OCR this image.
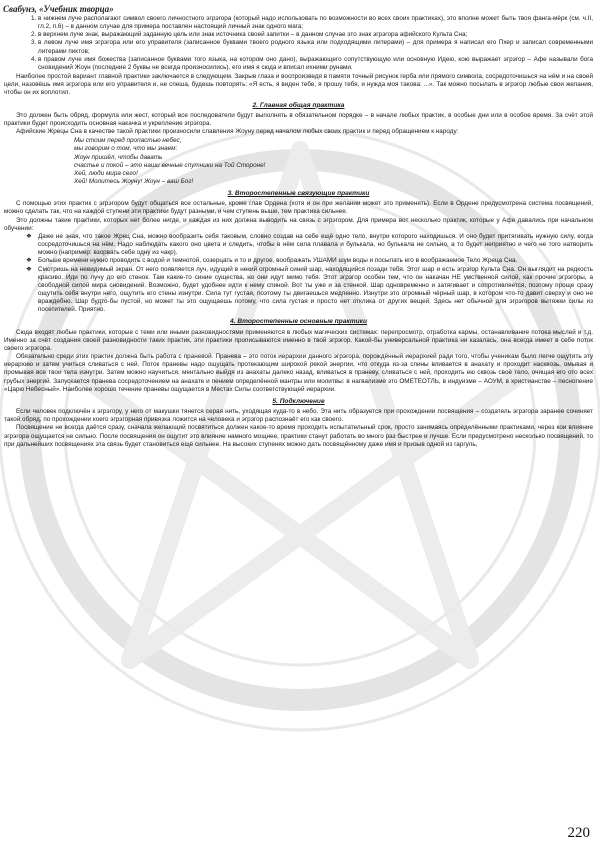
Свабунэ, «Учебник творца»
1. в нижнем луче располагают символ своего личностного эгрэгора (который надо использовать по возможности во всех своих практиках), это вполне может быть твоя фанга-мёрк (см. ч.II, гл.2, п.6) – в данном случае для примера поставлен настоящий личный знак одного мага;
2. в верхнем луче знак, выражающий заданную цель или знак источника своей запитки – в данном случае это знак эгрэгора афийского Культа Сна;
3. в левом луче имя эгрэгора или его управителя (записанное буквами твоего родного языка или подходящими литерами) – для примера я написал его Пхер и записал современными литерами пиктов;
4. в правом луче имя божества (записанное буквами того языка, на котором оно дано), выражающего сопутствующую или основную Идею, кою выражает эгрэгор – Афе называли бога сновидений Жоун (последние 2 буквы не всегда произносились), его имя я сюда и вписал ихними рунами.

Наиболее простой вариант главной практики заключается в следующем. Закрыв глаза и воспроизведя в памяти точный рисунок герба или прямого символа, сосредоточишься на нём и на своей цели, назовёшь имя эгрэгора или его управителя и, не спеша, будешь повторять: «Я есть, я виден тебе, я прошу тебя, и нужда моя такова: ...». Так можно посылать в эгрэгор любые свои желания, чтобы он их воплотил.

2. Главная общая практика

Это должен быть обряд, формула или жест, который все последователи будут выполнять в обязательном порядке – в начале любых практик, в особые дни или в особое время. За счёт этой практики будет происходить основная накачка и укрепление эгрэгора.

Афийские Жрецы Сна в качестве такой практики произносили славления Жоуну перед началом любых своих практик и перед обращением к народу:

Мы стоим перед пропастью небес,
мы говорим о том, что мы знаем:
Жоун пришёл, чтобы давать
счастье и покой – это наши вечные спутники на Той Стороне!
Хей, люди мира сего!
Хей! Молитесь Жоуну! Жоун – ваш Бог!
3. Второстепенные связующие практики

С помощью этих практик с эгрэгором будут общаться все остальные, кроме глав Ордена (хотя и он при желании может это применять). Если в Ордене предусмотрена система посвящений, можно сделать так, что на каждой ступени эти практики будут разными, и чем ступень выше, тем практика сильнее.

Это должны такие практики, которых нет более нигде, и каждая из них должна выводить на связь с эгрэгором. Для примера вот несколько практик, которые у Афе давались при начальном обучении:

❖ Даже не зная, что такое Жрец Сна, можно вообразить себя таковым, словно создав на себе ещё одно тело, внутри которого находишься. И оно будет притягивать нужную силу, когда сосредоточишься на нём. Надо наблюдать какого оно цвета и следить, чтобы в нём сила плавала и булькала, но булькала не сильно, а то будет неприятно и чего не того натворить можно (например: взорвать себе одну из чакр).
❖ Больше времени нужно проводить с водой и темнотой, созерцать и то и другое, воображать УШАМИ шум воды и посылать его в воображаемое Тело Жреца Сна.
❖ Смотришь на невидимый экран. От него появляется луч, идущий в некий огромный синий шар, находящийся позади тебя. Этот шар и есть эгрэгор Культа Сна. Он выглядит на редкость красиво. Иди по лучу до его стенок. Там какие-то синие существа, но они идут мимо тебя. Этот эгрэгор особен тем, что он накачан НЕ умственной силой, как прочие эгрэгоры, а свободной силой мира сновидений. Возможно, будет удобнее идти к нему спиной. Вот ты уже и за стенкой. Шар одновременно и затягивает и сопротивляется, поэтому проще сразу ощутить себя внутри него, ощутить его стены изнутри. Сила тут густая, поэтому ты двигаешься медленно. Изнутри это огромный чёрный шар, в котором что-то давит сверху и оно не враждебно. Шар будто-бы пустой, но может ты это ощущаешь потому, что сила густая и просто нет отклика от других вещей. Здесь нет обычной для эгрэгоров вытяжки силы из посетителей. Приятно.
4. Второстепенные основные практики

Сюда входят любые практики, которые с теми или иными разновидностями применяются в любых магических системах: перепросмотр, отработка кармы, останавливание потока мыслей и т.д. Именно за счёт создания своей разновидности таких практик, эти практики прописываются именно в твой эгрэгор. Какой-бы универсальной практика ни казалась, она всегда имеет в себе поток своего эгрэгора.

Обязательно среди этих практик должна быть работа с праневой. Праневa – это поток иерархии данного эгрэгора, порождённый иерархией ради того, чтобы ученикам было легче ощутить эту иерархию и затем учиться сливаться с ней. Поток праневы надо ощущать протекающим широкой рекой энергии, что откуда из-за спины вливается в анахату и проходит насквозь, омывая и промывая все твои тела изнутри. Затем можно научиться, ментально выйдя из анахаты далеко назад, вливаться в праневу, сливаться с ней, проходить ею сквозь своё тело, очищая его ото всех грубых энергий. Запускается пранева сосредоточением на анахате и пением определённой мантры или молитвы: в нагвализме это ОМЕТЕОТЛЬ, в индуизме – АОУМ, в христианстве – песнопение «Царю Небесный». Наиболее хорошо течение праневы ощущается в Местах Силы соответствующей иерархии.

5. Подключение

Если человек подключён к эгрэгору, у него от макушки тянется серая нить, уходящая куда-то в небо. Эта нить образуется при прохождении посвящения – создатель эгрэгора заранее сочиняет такой обряд, по прохождении коего эгрэгорная привязка ложится на человека и эгрэгор распознаёт его как своего.

Посвящение не всегда даётся сразу, сначала желающий посвятиться должен какое-то время проходить испытательный срок, просто занимаясь определёнными практиками, через кои влияние эгрэгора ощущается не сильно. После посвящения он ощутит это влияние намного мощнее, практики станут работать во много раз быстрее и лучше. Если предусмотрено несколько посвящений, то при дальнейших посвящениях эта связь будет становиться ещё сильнее. На высоких ступенях можно дать посвящённому даже имя и призыв одной из гаргуль,

220
